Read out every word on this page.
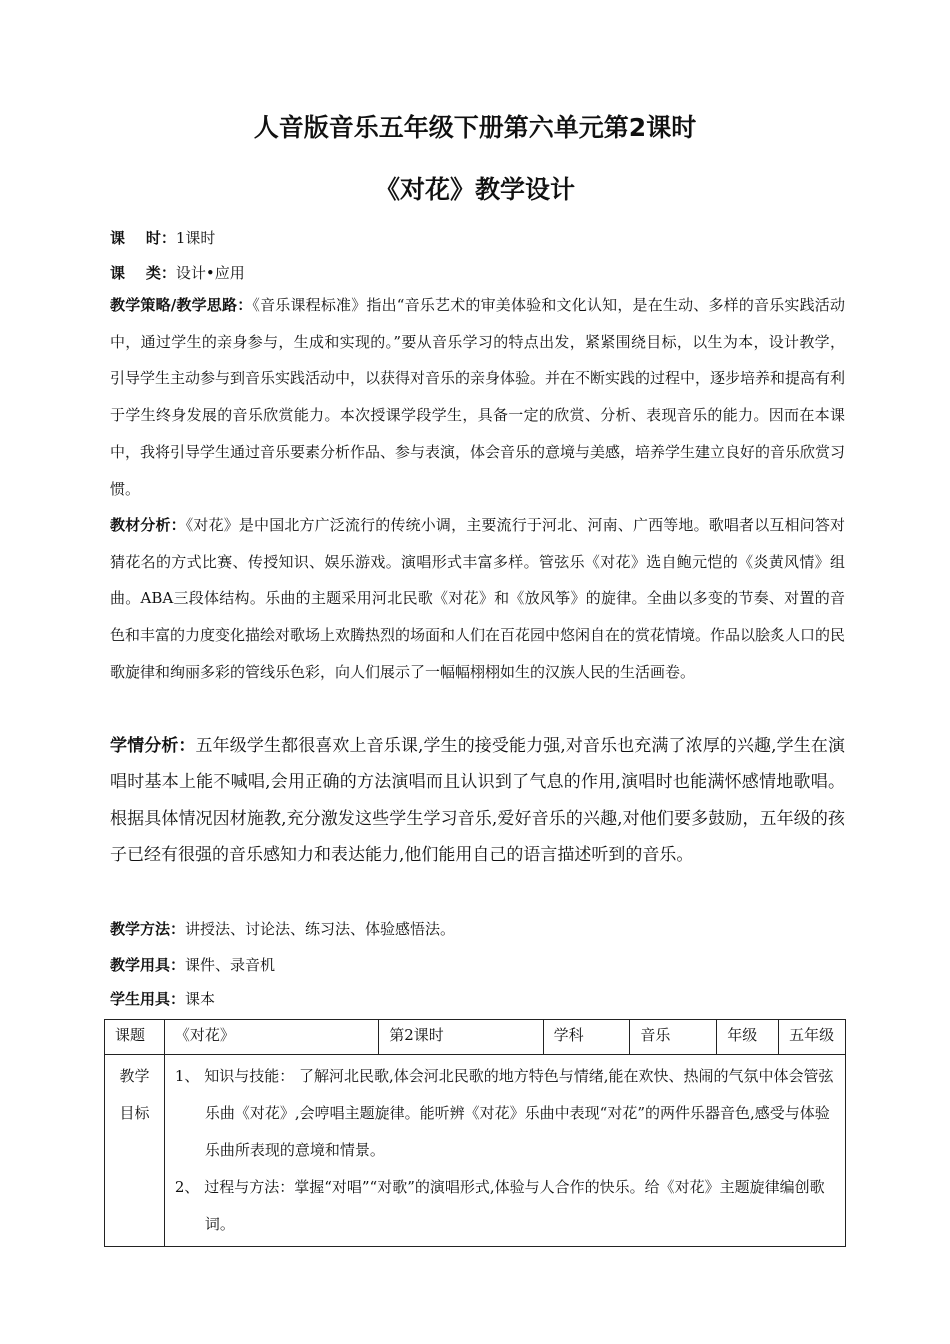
人音版音乐五年级下册第六单元第2课时
《对花》教学设计
课    时：1课时
课    类：设计•应用
教学策略/教学思路：《音乐课程标准》指出“音乐艺术的审美体验和文化认知，是在生动、多样的音乐实践活动中，通过学生的亲身参与，生成和实现的。”要从音乐学习的特点出发，紧紧围绕目标，以生为本，设计教学，引导学生主动参与到音乐实践活动中，以获得对音乐的亲身体验。并在不断实践的过程中，逐步培养和提高有利于学生终身发展的音乐欣赏能力。本次授课学段学生，具备一定的欣赏、分析、表现音乐的能力。因而在本课中，我将引导学生通过音乐要素分析作品、参与表演，体会音乐的意境与美感，培养学生建立良好的音乐欣赏习惯。
教材分析：《对花》是中国北方广泛流行的传统小调，主要流行于河北、河南、广西等地。歌唱者以互相问答对猜花名的方式比赛、传授知识、娱乐游戏。演唱形式丰富多样。管弦乐《对花》选自鲍元恺的《炎黄风情》组曲。ABA三段体结构。乐曲的主题采用河北民歌《对花》和《放风筝》的旋律。全曲以多变的节奏、对置的音色和丰富的力度变化描绘对歌场上欢腾热烈的场面和人们在百花园中悠闲自在的赏花情境。作品以脍炙人口的民歌旋律和绚丽多彩的管线乐色彩，向人们展示了一幅幅栩栩如生的汉族人民的生活画卷。
学情分析：五年级学生都很喜欢上音乐课,学生的接受能力强,对音乐也充满了浓厚的兴趣,学生在演唱时基本上能不喊唱,会用正确的方法演唱而且认识到了气息的作用,演唱时也能满怀感情地歌唱。根据具体情况因材施教,充分激发这些学生学习音乐,爱好音乐的兴趣,对他们要多鼓励，五年级的孩子已经有很强的音乐感知力和表达能力,他们能用自己的语言描述听到的音乐。
教学方法：讲授法、讨论法、练习法、体验感悟法。
教学用具：课件、录音机
学生用具：课本
课题	《对花》	第2课时	学科	音乐	年级	五年级
教学目标	1、 知识与技能： 了解河北民歌,体会河北民歌的地方特色与情绪,能在欢快、热闹的气氛中体会管弦乐曲《对花》,会哼唱主题旋律。能听辨《对花》乐曲中表现“对花”的两件乐器音色,感受与体验乐曲所表现的意境和情景。

2、 过程与方法：掌握“对唱”“对歌”的演唱形式,体验与人合作的快乐。给《对花》主题旋律编创歌词。					
